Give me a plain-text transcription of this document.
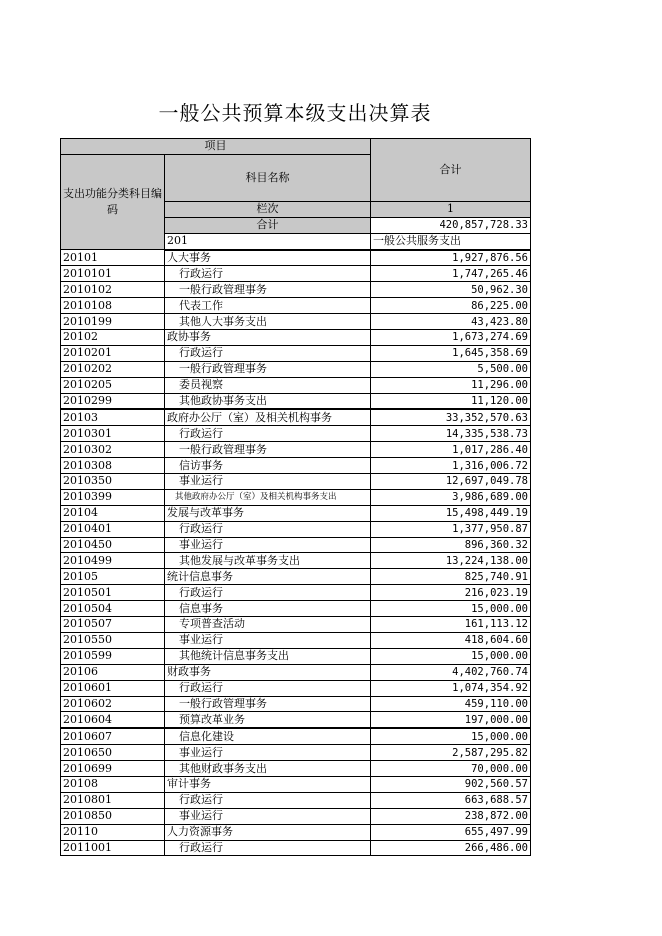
一般公共预算本级支出决算表
项目		合计	
支出功能分类科目编码	科目名称		
	栏次	1	
	合计	420,857,728.33	
	201	一般公共服务支出	
20101	人大事务	1,927,876.56	
2010101	行政运行	1,747,265.46	
2010102	一般行政管理事务	50,962.30	
2010108	代表工作	86,225.00	
2010199	其他人大事务支出	43,423.80	
20102	政协事务	1,673,274.69	
2010201	行政运行	1,645,358.69	
2010202	一般行政管理事务	5,500.00	
2010205	委员视察	11,296.00	
2010299	其他政协事务支出	11,120.00	
20103	政府办公厅（室）及相关机构事务	33,352,570.63	
2010301	行政运行	14,335,538.73	
2010302	一般行政管理事务	1,017,286.40	
2010308	信访事务	1,316,006.72	
2010350	事业运行	12,697,049.78	
2010399	其他政府办公厅（室）及相关机构事务支出	3,986,689.00	
20104	发展与改革事务	15,498,449.19	
2010401	行政运行	1,377,950.87	
2010450	事业运行	896,360.32	
2010499	其他发展与改革事务支出	13,224,138.00	
20105	统计信息事务	825,740.91	
2010501	行政运行	216,023.19	
2010504	信息事务	15,000.00	
2010507	专项普查活动	161,113.12	
2010550	事业运行	418,604.60	
2010599	其他统计信息事务支出	15,000.00	
20106	财政事务	4,402,760.74	
2010601	行政运行	1,074,354.92	
2010602	一般行政管理事务	459,110.00	
2010604	预算改革业务	197,000.00	
2010607	信息化建设	15,000.00	
2010650	事业运行	2,587,295.82	
2010699	其他财政事务支出	70,000.00	
20108	审计事务	902,560.57	
2010801	行政运行	663,688.57	
2010850	事业运行	238,872.00	
20110	人力资源事务	655,497.99	
2011001	行政运行	266,486.00	
